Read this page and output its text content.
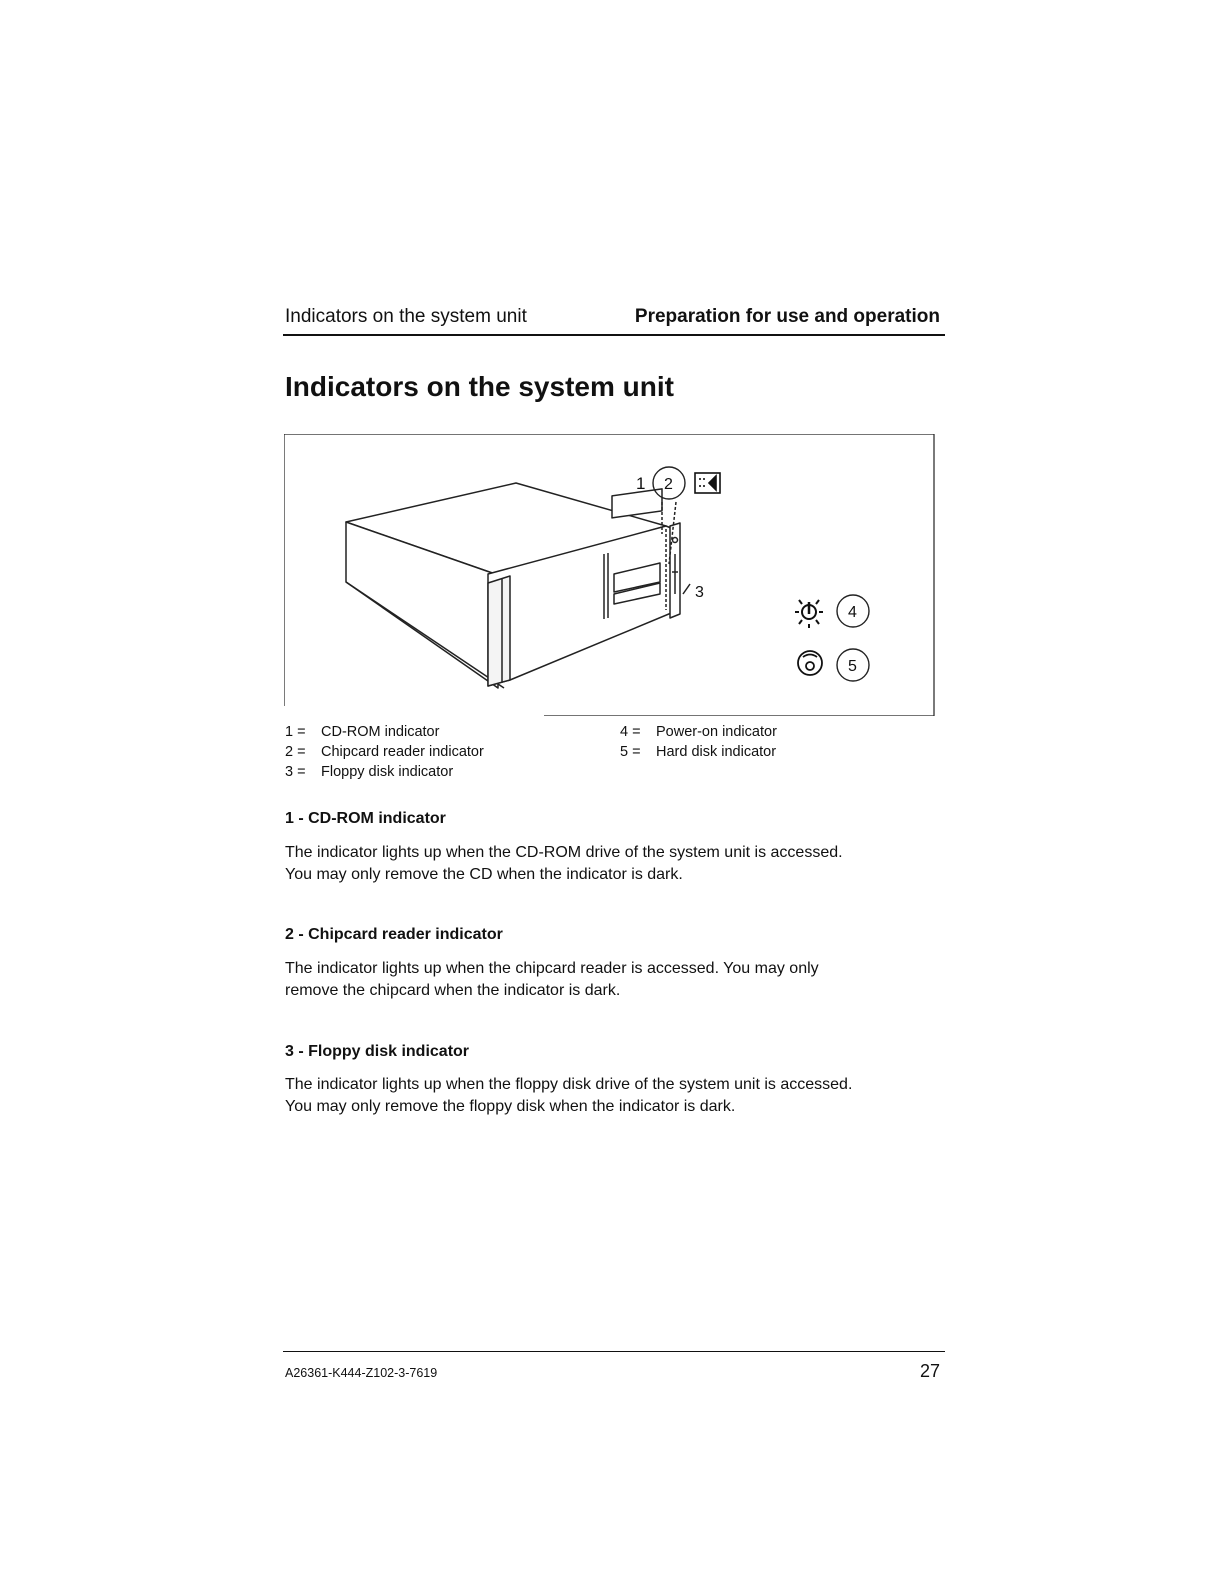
Indicators on the system unit	Preparation for use and operation
Indicators on the system unit
1 2
3
4
5
1 = CD-ROM indicator
2 = Chipcard reader indicator
3 = Floppy disk indicator
4 = Power-on indicator
5 = Hard disk indicator
1 - CD-ROM indicator

The indicator lights up when the CD-ROM drive of the system unit is accessed.
You may only remove the CD when the indicator is dark.

2 - Chipcard reader indicator

The indicator lights up when the chipcard reader is accessed. You may only
remove the chipcard when the indicator is dark.

3 - Floppy disk indicator

The indicator lights up when the floppy disk drive of the system unit is accessed.
You may only remove the floppy disk when the indicator is dark.

A26361-K444-Z102-3-7619	27
